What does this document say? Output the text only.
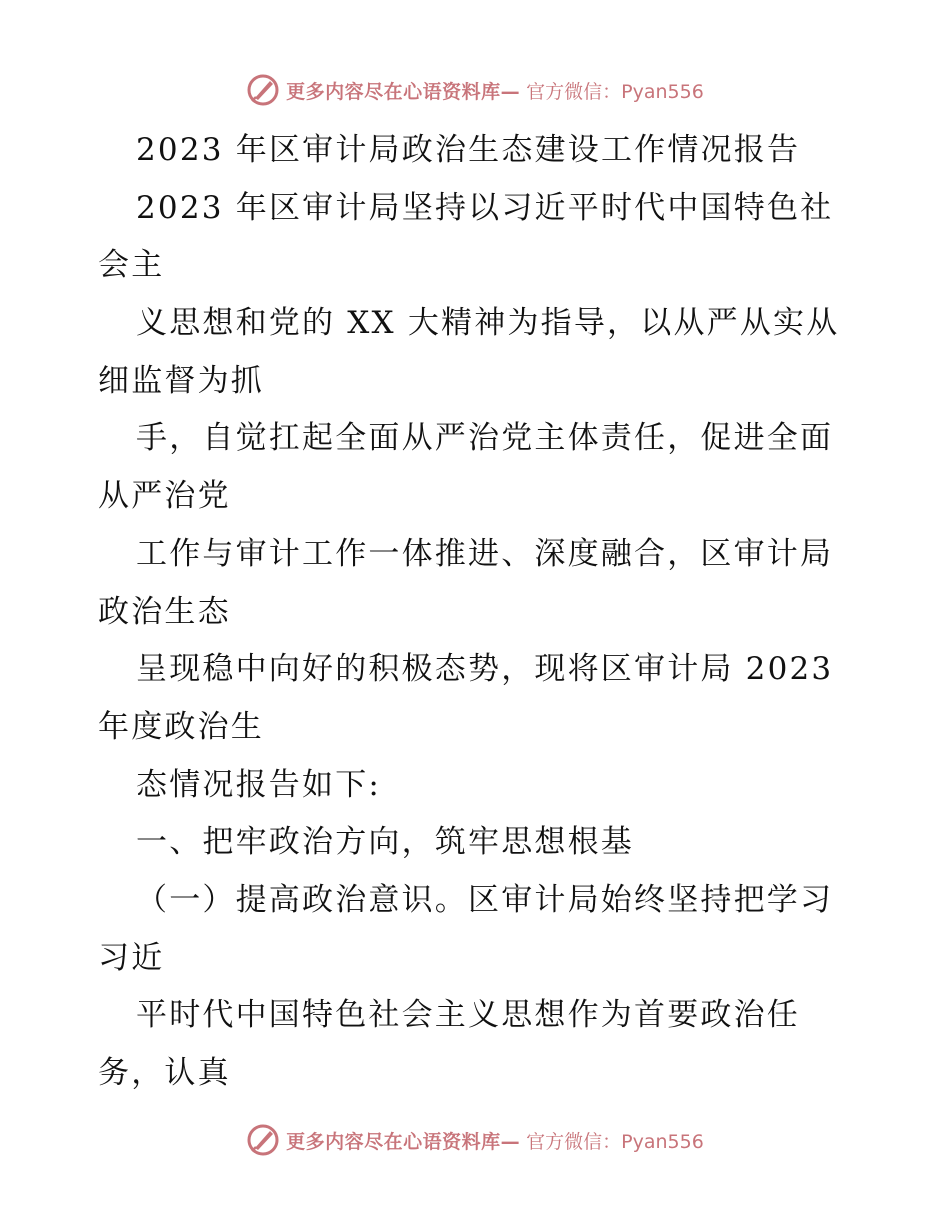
更多内容尽在心语资料库— 官方微信：Pyan556
2023 年区审计局政治生态建设工作情况报告
2023 年区审计局坚持以习近平时代中国特色社
会主
义思想和党的 XX 大精神为指导，以从严从实从
细监督为抓
手，自觉扛起全面从严治党主体责任，促进全面
从严治党
工作与审计工作一体推进、深度融合，区审计局
政治生态
呈现稳中向好的积极态势，现将区审计局 2023
年度政治生
态情况报告如下:
一、把牢政治方向，筑牢思想根基
（一）提高政治意识。区审计局始终坚持把学习
习近
平时代中国特色社会主义思想作为首要政治任
务，认真
更多内容尽在心语资料库— 官方微信：Pyan556
